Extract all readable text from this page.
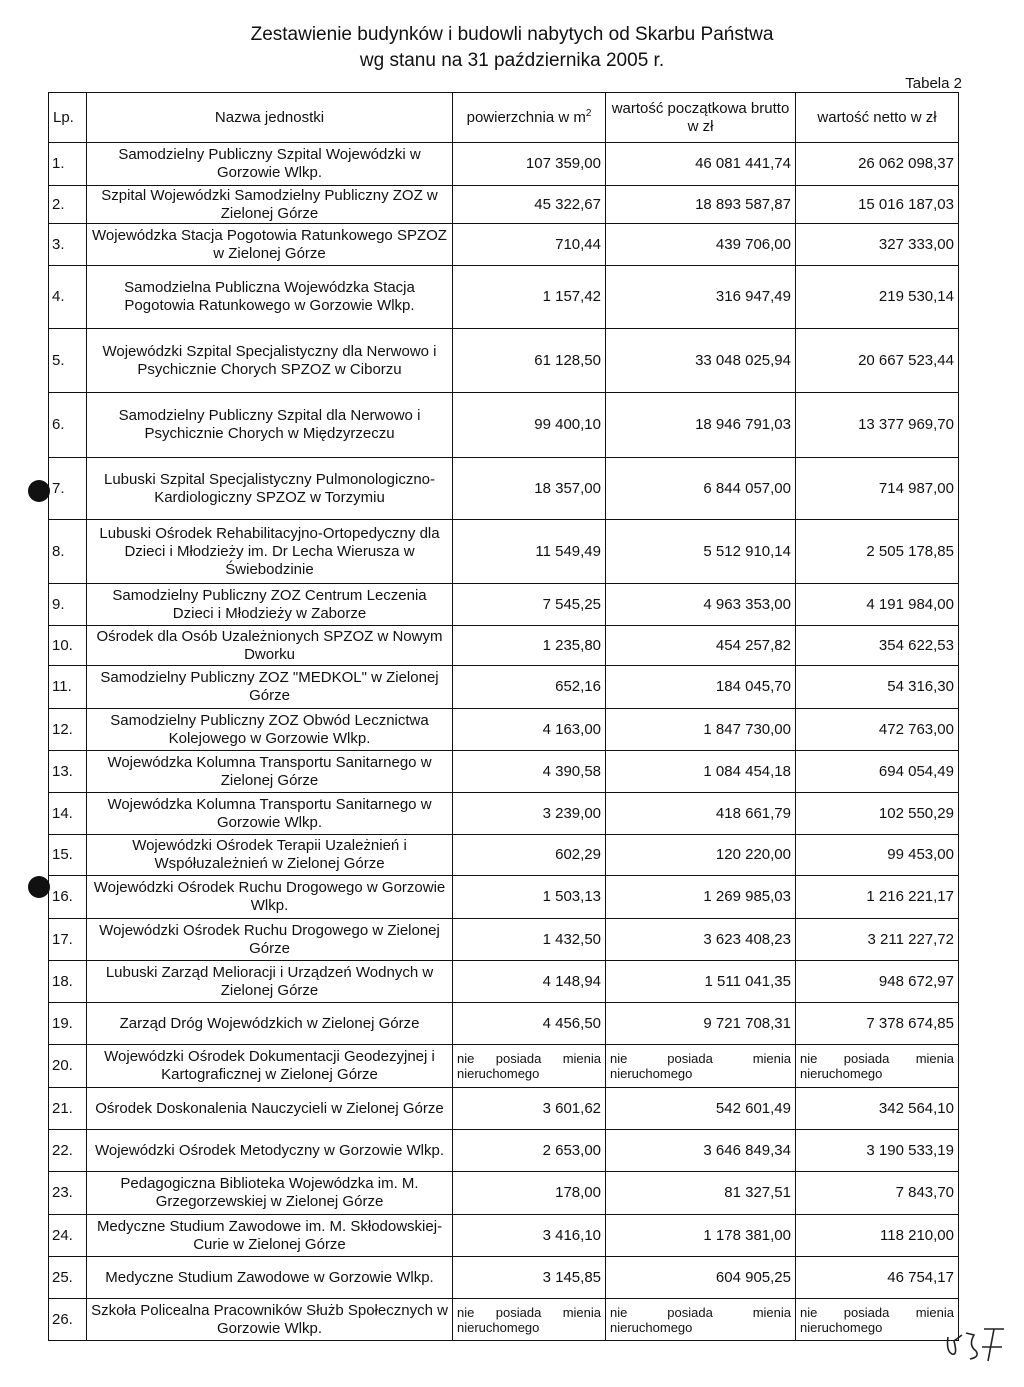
Zestawienie budynków i budowli nabytych od Skarbu Państwa
wg stanu na 31 października 2005 r.
Tabela 2
Lp.	Nazwa jednostki	powierzchnia w $m^2$	wartość początkowa brutto w zł	wartość netto w zł
1.	Samodzielny Publiczny Szpital Wojewódzki w Gorzowie Wlkp.	107 359,00	46 081 441,74	26 062 098,37
2.	Szpital Wojewódzki Samodzielny Publiczny ZOZ w Zielonej Górze	45 322,67	18 893 587,87	15 016 187,03
3.	Wojewódzka Stacja Pogotowia Ratunkowego SPZOZ w Zielonej Górze	710,44	439 706,00	327 333,00
4.	Samodzielna Publiczna Wojewódzka Stacja Pogotowia Ratunkowego w Gorzowie Wlkp.	1 157,42	316 947,49	219 530,14
5.	Wojewódzki Szpital Specjalistyczny dla Nerwowo i Psychicznie Chorych SPZOZ w Ciborzu	61 128,50	33 048 025,94	20 667 523,44
6.	Samodzielny Publiczny Szpital dla Nerwowo i Psychicznie Chorych w Międzyrzeczu	99 400,10	18 946 791,03	13 377 969,70
7.	Lubuski Szpital Specjalistyczny Pulmonologiczno-Kardiologiczny SPZOZ w Torzymiu	18 357,00	6 844 057,00	714 987,00
8.	Lubuski Ośrodek Rehabilitacyjno-Ortopedyczny dla Dzieci i Młodzieży im. Dr Lecha Wierusza w Świebodzinie	11 549,49	5 512 910,14	2 505 178,85
9.	Samodzielny Publiczny ZOZ Centrum Leczenia Dzieci i Młodzieży w Zaborze	7 545,25	4 963 353,00	4 191 984,00
10.	Ośrodek dla Osób Uzależnionych SPZOZ w Nowym Dworku	1 235,80	454 257,82	354 622,53
11.	Samodzielny Publiczny ZOZ "MEDKOL" w Zielonej Górze	652,16	184 045,70	54 316,30
12.	Samodzielny Publiczny ZOZ Obwód Lecznictwa Kolejowego w Gorzowie Wlkp.	4 163,00	1 847 730,00	472 763,00
13.	Wojewódzka Kolumna Transportu Sanitarnego w Zielonej Górze	4 390,58	1 084 454,18	694 054,49
14.	Wojewódzka Kolumna Transportu Sanitarnego w Gorzowie Wlkp.	3 239,00	418 661,79	102 550,29
15.	Wojewódzki Ośrodek Terapii Uzależnień i Współuzależnień w Zielonej Górze	602,29	120 220,00	99 453,00
16.	Wojewódzki Ośrodek Ruchu Drogowego w Gorzowie Wlkp.	1 503,13	1 269 985,03	1 216 221,17
17.	Wojewódzki Ośrodek Ruchu Drogowego w Zielonej Górze	1 432,50	3 623 408,23	3 211 227,72
18.	Lubuski Zarząd Melioracji i Urządzeń Wodnych w Zielonej Górze	4 148,94	1 511 041,35	948 672,97
19.	Zarząd Dróg Wojewódzkich w Zielonej Górze	4 456,50	9 721 708,31	7 378 674,85
20.	Wojewódzki Ośrodek Dokumentacji Geodezyjnej i Kartograficznej w Zielonej Górze	nie posiada mienia nieruchomego	nie posiada mienia nieruchomego	nie posiada mienia nieruchomego
21.	Ośrodek Doskonalenia Nauczycieli w Zielonej Górze	3 601,62	542 601,49	342 564,10
22.	Wojewódzki Ośrodek Metodyczny w Gorzowie Wlkp.	2 653,00	3 646 849,34	3 190 533,19
23.	Pedagogiczna Biblioteka Wojewódzka im. M. Grzegorzewskiej w Zielonej Górze	178,00	81 327,51	7 843,70
24.	Medyczne Studium Zawodowe im. M. Skłodowskiej-Curie w Zielonej Górze	3 416,10	1 178 381,00	118 210,00
25.	Medyczne Studium Zawodowe w Gorzowie Wlkp.	3 145,85	604 905,25	46 754,17
26.	Szkoła Policealna Pracowników Służb Społecznych w Gorzowie Wlkp.	nie posiada mienia nieruchomego	nie posiada mienia nieruchomego	nie posiada mienia nieruchomego
